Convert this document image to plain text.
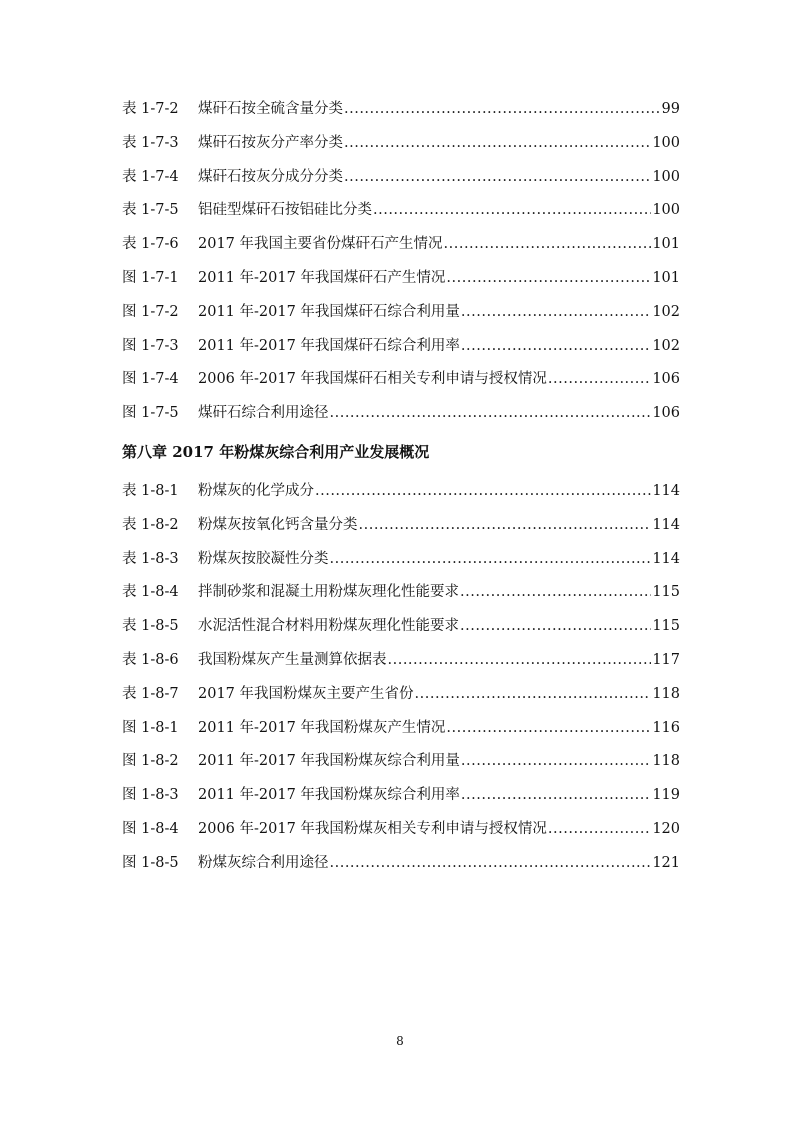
表 1-7-2	煤矸石按全硫含量分类 .....	99
表 1-7-3	煤矸石按灰分产率分类 .....	100
表 1-7-4	煤矸石按灰分成分分类 .....	100
表 1-7-5	铝硅型煤矸石按铝硅比分类 .....	100
表 1-7-6	2017 年我国主要省份煤矸石产生情况 .....	101
图 1-7-1	2011 年-2017 年我国煤矸石产生情况 .....	101
图 1-7-2	2011 年-2017 年我国煤矸石综合利用量 .....	102
图 1-7-3	2011 年-2017 年我国煤矸石综合利用率 .....	102
图 1-7-4	2006 年-2017 年我国煤矸石相关专利申请与授权情况 .....	106
图 1-7-5	煤矸石综合利用途径 .....	106
第八章 2017 年粉煤灰综合利用产业发展概况
表 1-8-1	粉煤灰的化学成分 .....	114
表 1-8-2	粉煤灰按氧化钙含量分类 .....	114
表 1-8-3	粉煤灰按胶凝性分类 .....	114
表 1-8-4	拌制砂浆和混凝土用粉煤灰理化性能要求 .....	115
表 1-8-5	水泥活性混合材料用粉煤灰理化性能要求 .....	115
表 1-8-6	我国粉煤灰产生量测算依据表 .....	117
表 1-8-7	2017 年我国粉煤灰主要产生省份 .....	118
图 1-8-1	2011 年-2017 年我国粉煤灰产生情况 .....	116
图 1-8-2	2011 年-2017 年我国粉煤灰综合利用量 .....	118
图 1-8-3	2011 年-2017 年我国粉煤灰综合利用率 .....	119
图 1-8-4	2006 年-2017 年我国粉煤灰相关专利申请与授权情况 .....	120
图 1-8-5	粉煤灰综合利用途径 .....	121
8
